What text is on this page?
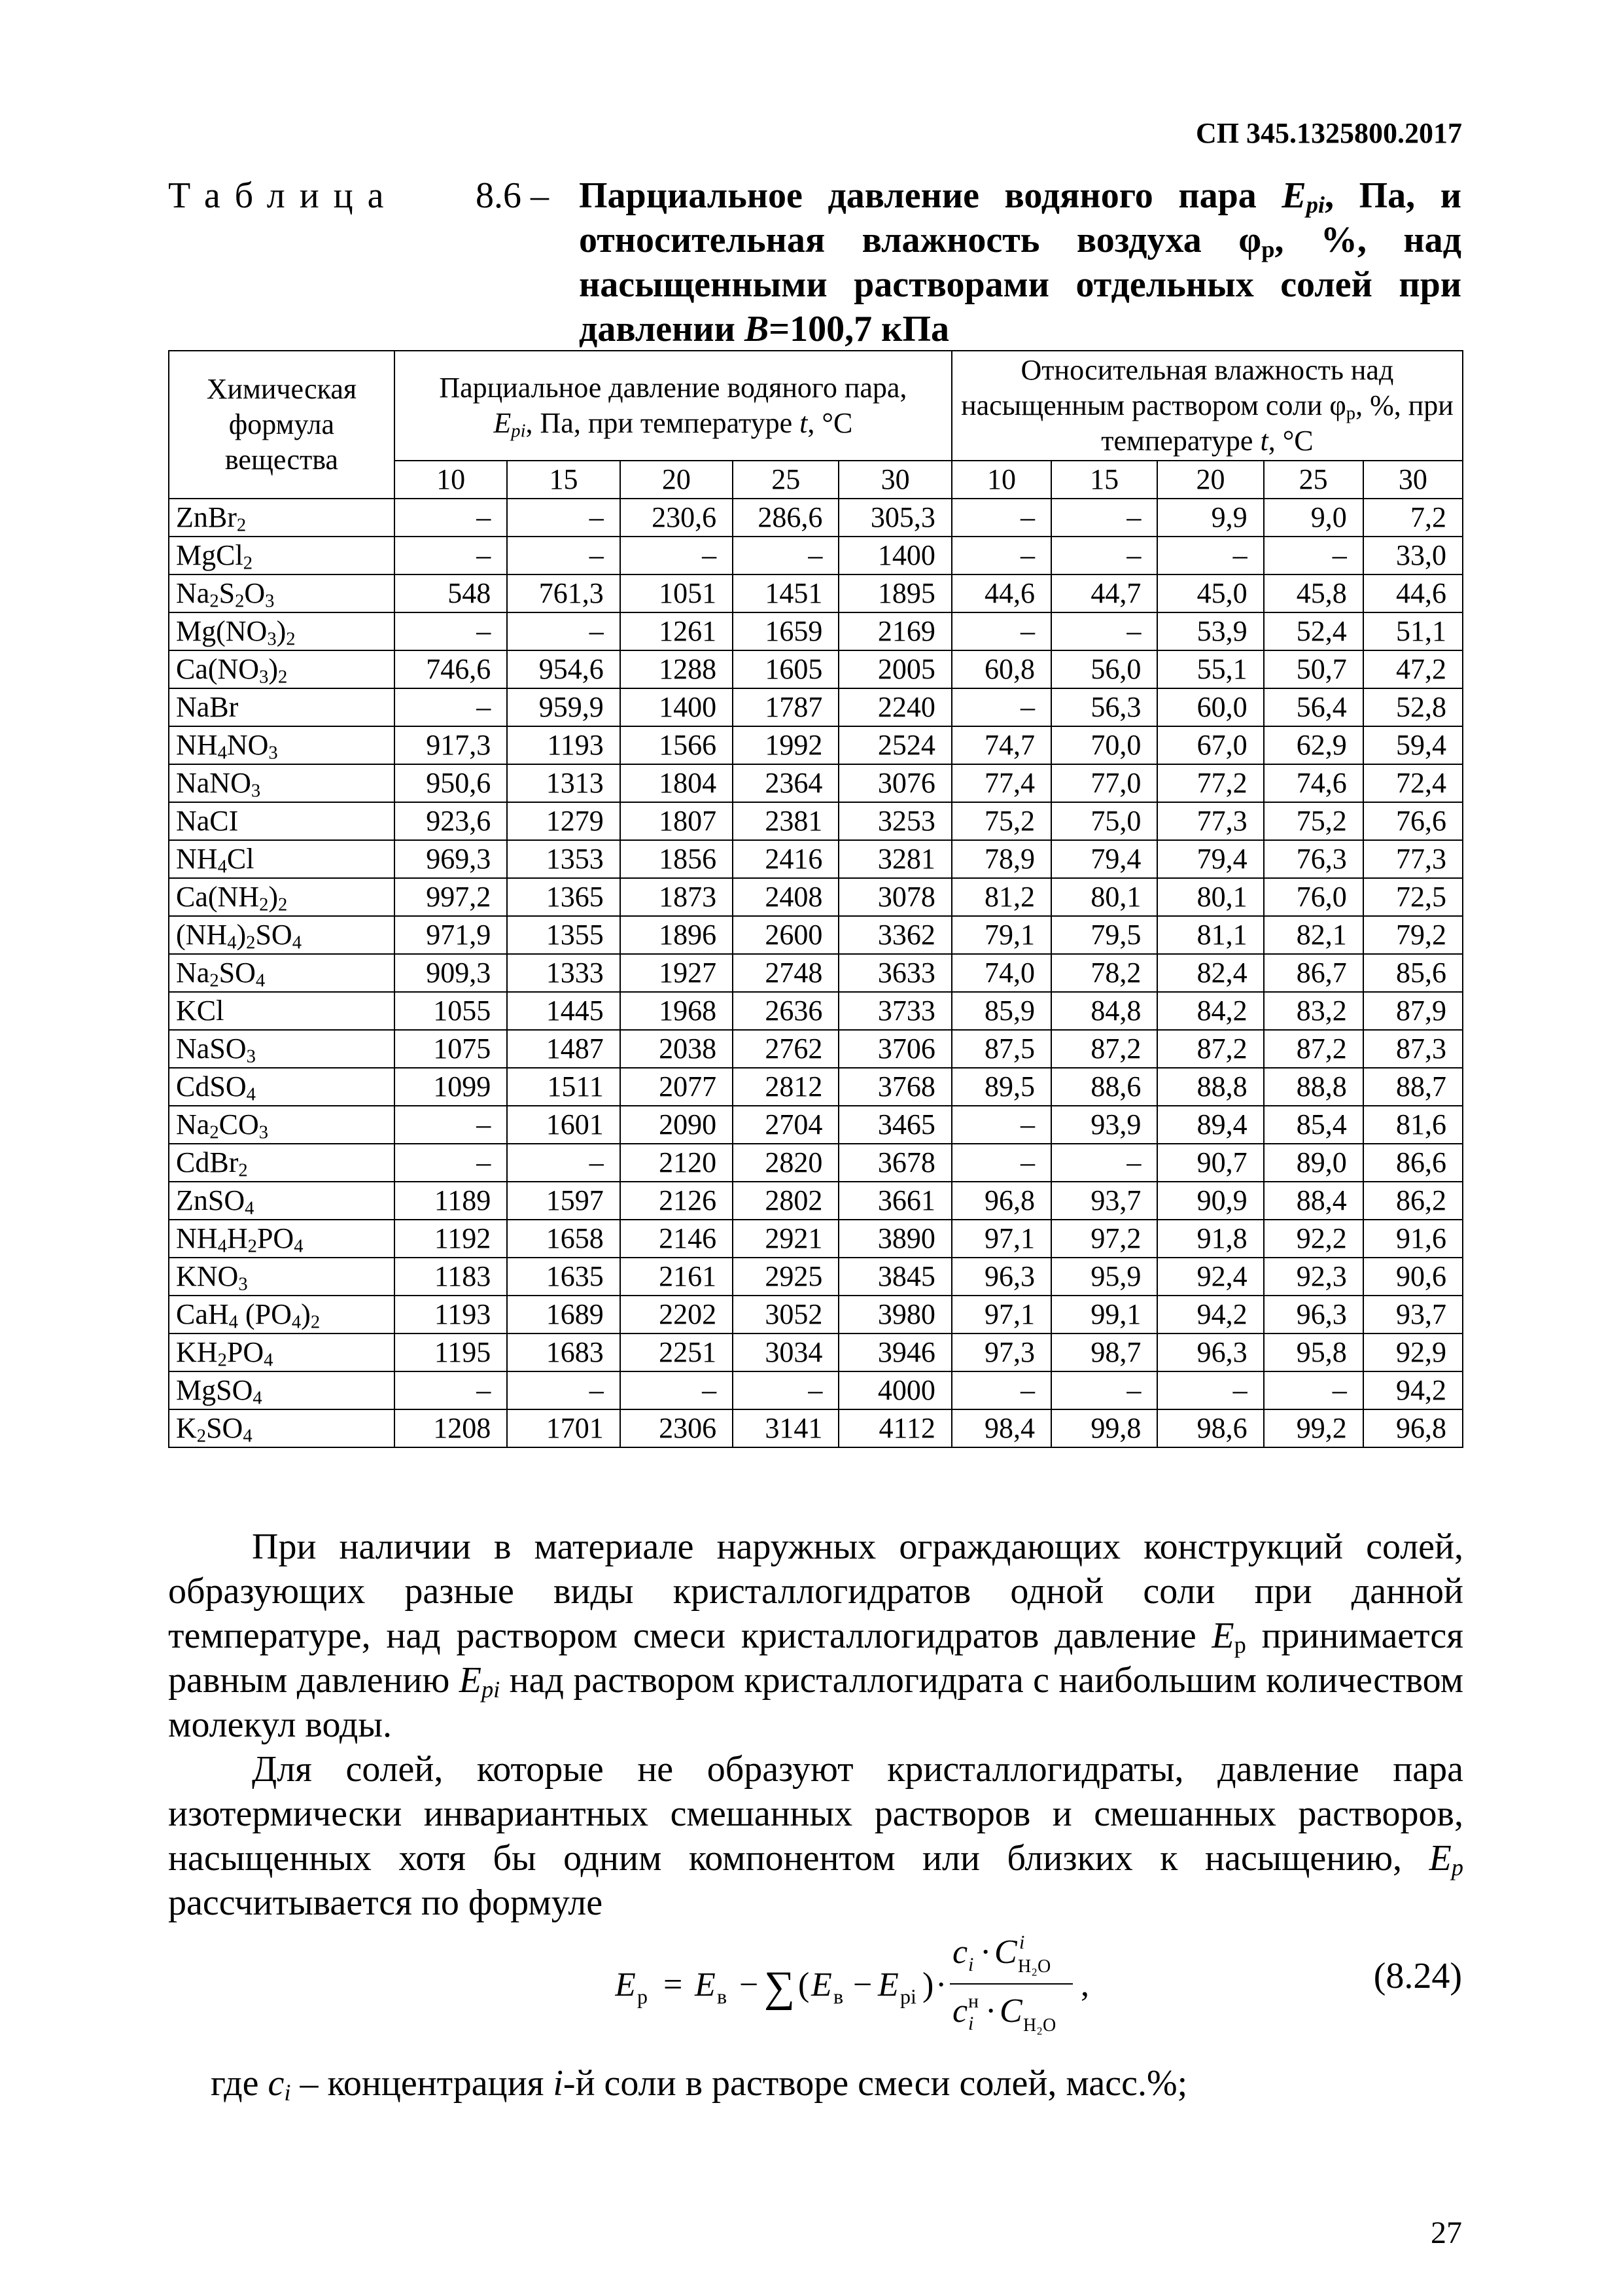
СП 345.1325800.2017
Таблица 8.6 – Парциальное давление водяного пара $E_{pi}$, Па, и относительная влажность воздуха $\varphi_p$, %, над насыщенными растворами отдельных солей при давлении B=100,7 кПа
Химическая формула вещества	Парциальное давление водяного пара,
$E_{pi}$, Па, при температуре t, °С					Относительная влажность над насыщенным раствором соли $\varphi_р$, %, при температуре t, °С				
	10	15	20	25	30	10	15	20	25	30
ZnBr$_2$	–	–	230,6	286,6	305,3	–	–	9,9	9,0	7,2
MgCl$_2$	–	–	–	–	1400	–	–	–	–	33,0
$Na_2S_2O_3$	548	761,3	1051	1451	1895	44,6	44,7	45,0	45,8	44,6
$Mg(NO_3)_2$	–	–	1261	1659	2169	–	–	53,9	52,4	51,1
$Ca(NO_3)_2$	746,6	954,6	1288	1605	2005	60,8	56,0	55,1	50,7	47,2
NaBr	–	959,9	1400	1787	2240	–	56,3	60,0	56,4	52,8
$NH_4NO_3$	917,3	1193	1566	1992	2524	74,7	70,0	67,0	62,9	59,4
NaNO$_3$	950,6	1313	1804	2364	3076	77,4	77,0	77,2	74,6	72,4
NaCI	923,6	1279	1807	2381	3253	75,2	75,0	77,3	75,2	76,6
$NH_4Cl$	969,3	1353	1856	2416	3281	78,9	79,4	79,4	76,3	77,3
$Ca(NH_2)_2$	997,2	1365	1873	2408	3078	81,2	80,1	80,1	76,0	72,5
$(NH_4)_2SO_4$	971,9	1355	1896	2600	3362	79,1	79,5	81,1	82,1	79,2
$Na_2SO_4$	909,3	1333	1927	2748	3633	74,0	78,2	82,4	86,7	85,6
KCl	1055	1445	1968	2636	3733	85,9	84,8	84,2	83,2	87,9
NaSO$_3$	1075	1487	2038	2762	3706	87,5	87,2	87,2	87,2	87,3
CdSO$_4$	1099	1511	2077	2812	3768	89,5	88,6	88,8	88,8	88,7
$Na_2CO_3$	–	1601	2090	2704	3465	–	93,9	89,4	85,4	81,6
CdBr$_2$	–	–	2120	2820	3678	–	–	90,7	89,0	86,6
ZnSO$_4$	1189	1597	2126	2802	3661	96,8	93,7	90,9	88,4	86,2
$NH_4H_2PO_4$	1192	1658	2146	2921	3890	97,1	97,2	91,8	92,2	91,6
$KNO_3$	1183	1635	2161	2925	3845	96,3	95,9	92,4	92,3	90,6
CaH$_4$ $(PO_4)_2$	1193	1689	2202	3052	3980	97,1	99,1	94,2	96,3	93,7
$KH_2PO_4$	1195	1683	2251	3034	3946	97,3	98,7	96,3	95,8	92,9
MgSO$_4$	–	–	–	–	4000	–	–	–	–	94,2
$K_2SO_4$	1208	1701	2306	3141	4112	98,4	99,8	98,6	99,2	96,8
При наличии в материале наружных ограждающих конструкций солей, образующих разные виды кристаллогидратов одной соли при данной температуре, над раствором смеси кристаллогидратов давление $E_р$ принимается равным давлению $E_{pi}$ над раствором кристаллогидрата с наибольшим количеством молекул воды.
Для солей, которые не образуют кристаллогидраты, давление пара изотермически инвариантных смешанных растворов и смешанных растворов, насыщенных хотя бы одним компонентом или близких к насыщению, $E_p$ рассчитывается по формуле
E р = E в − ∑ ( E в − E рi ) ·
c i · C i
H₂O
c н
i · C H₂O
,	(8.24)
где $c_i$ – концентрация i-й соли в растворе смеси солей, масс.%;
27
